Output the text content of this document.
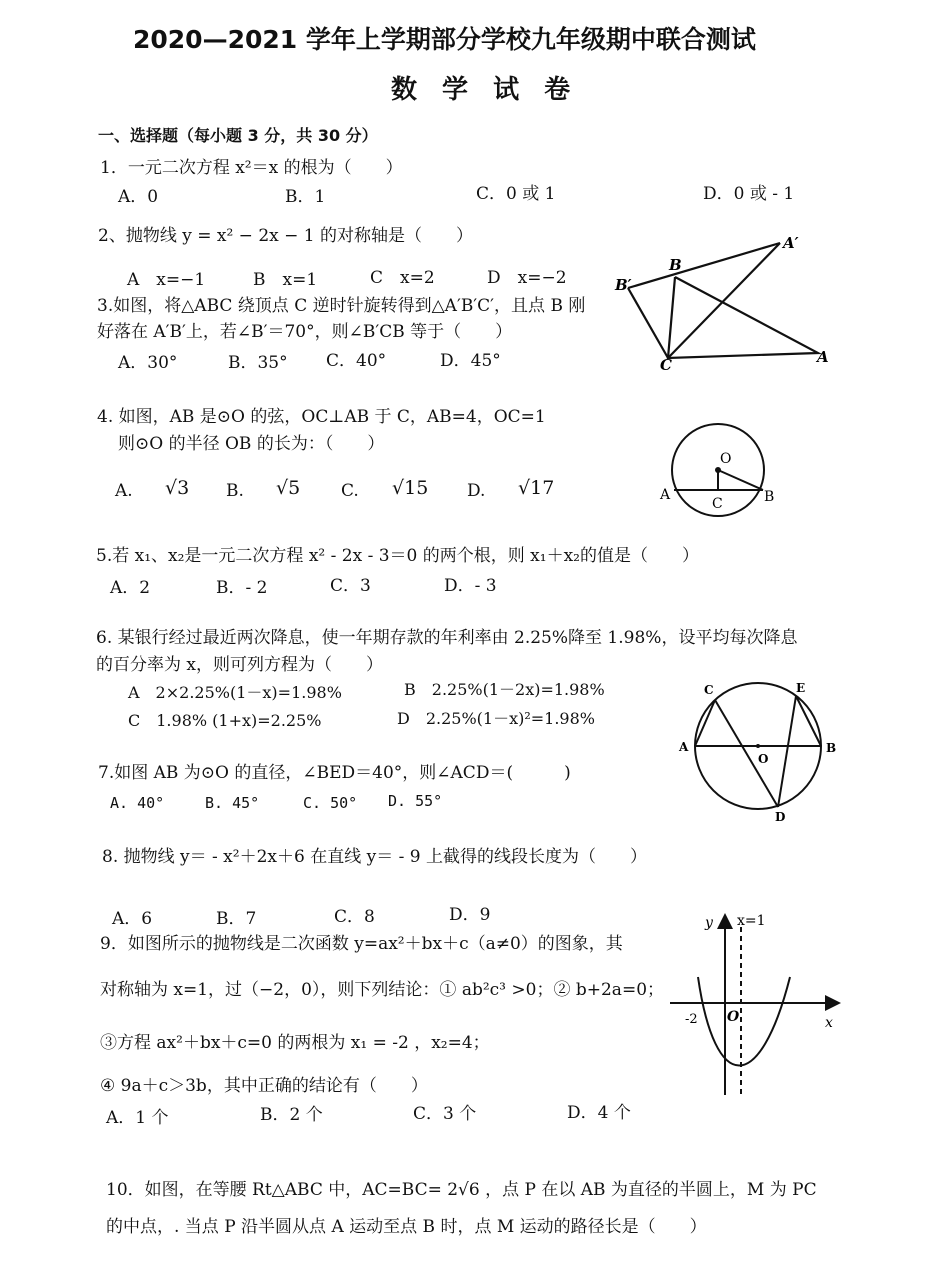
2020—2021 学年上学期部分学校九年级期中联合测试
数 学 试 卷
一、选择题（每小题 3 分，共 30 分）
1．一元二次方程 x²＝x 的根为（　　）
A．0	B．1	C．0 或 1	D．0 或 - 1
2、抛物线 y = x² − 2x − 1 的对称轴是（　　）
A　x=−1	B　x=1	C　x=2	D　x=−2
3.如图，将△ABC 绕顶点 C 逆时针旋转得到△A′B′C′，且点 B 刚
好落在 A′B′上，若∠B′＝70°，则∠B′CB 等于（　　）
A．30°	B．35° C．40°	D．45°
B
A′
B′
C	A
4. 如图，AB 是⊙O 的弦，OC⊥AB 于 C，AB=4，OC=1
则⊙O 的半径 OB 的长为：（　　）
A. √3 B. √5 C. √15 D. √17
O
A	B
C
5.若 x₁、x₂是一元二次方程 x² - 2x - 3＝0 的两个根，则 x₁＋x₂的值是（　　）
A．2	B．- 2	C．3	D．- 3
6. 某银行经过最近两次降息，使一年期存款的年利率由 2.25%降至 1.98%，设平均每次降息
的百分率为 x，则可列方程为（　　）
A　2×2.25%(1－x)=1.98%	B　2.25%(1－2x)=1.98%
C　1.98% (1+x)=2.25%	D　2.25%(1－x)²=1.98%
C	E
A	B
O
D
7.如图 AB 为⊙O 的直径，∠BED＝40°，则∠ACD＝(　　　)
A. 40°	B. 45°	C. 50° D. 55°
8. 抛物线 y＝ - x²＋2x＋6 在直线 y＝ - 9 上截得的线段长度为（　　）
A．6	B．7	C．8	D．9
9．如图所示的抛物线是二次函数 y=ax²＋bx＋c（a≠0）的图象，其
对称轴为 x=1，过（−2，0），则下列结论：① ab²c³ >0；② b+2a=0；
③方程 ax²＋bx＋c=0 的两根为 x₁ = -2 ，x₂=4；
④ 9a＋c＞3b，其中正确的结论有（　　）
A．1 个	B．2 个	C．3 个	D．4 个
y
x
O
x=1
-2
10．如图，在等腰 Rt△ABC 中，AC=BC= 2√6 ，点 P 在以 AB 为直径的半圆上，M 为 PC
的中点，. 当点 P 沿半圆从点 A 运动至点 B 时，点 M 运动的路径长是（　　）
